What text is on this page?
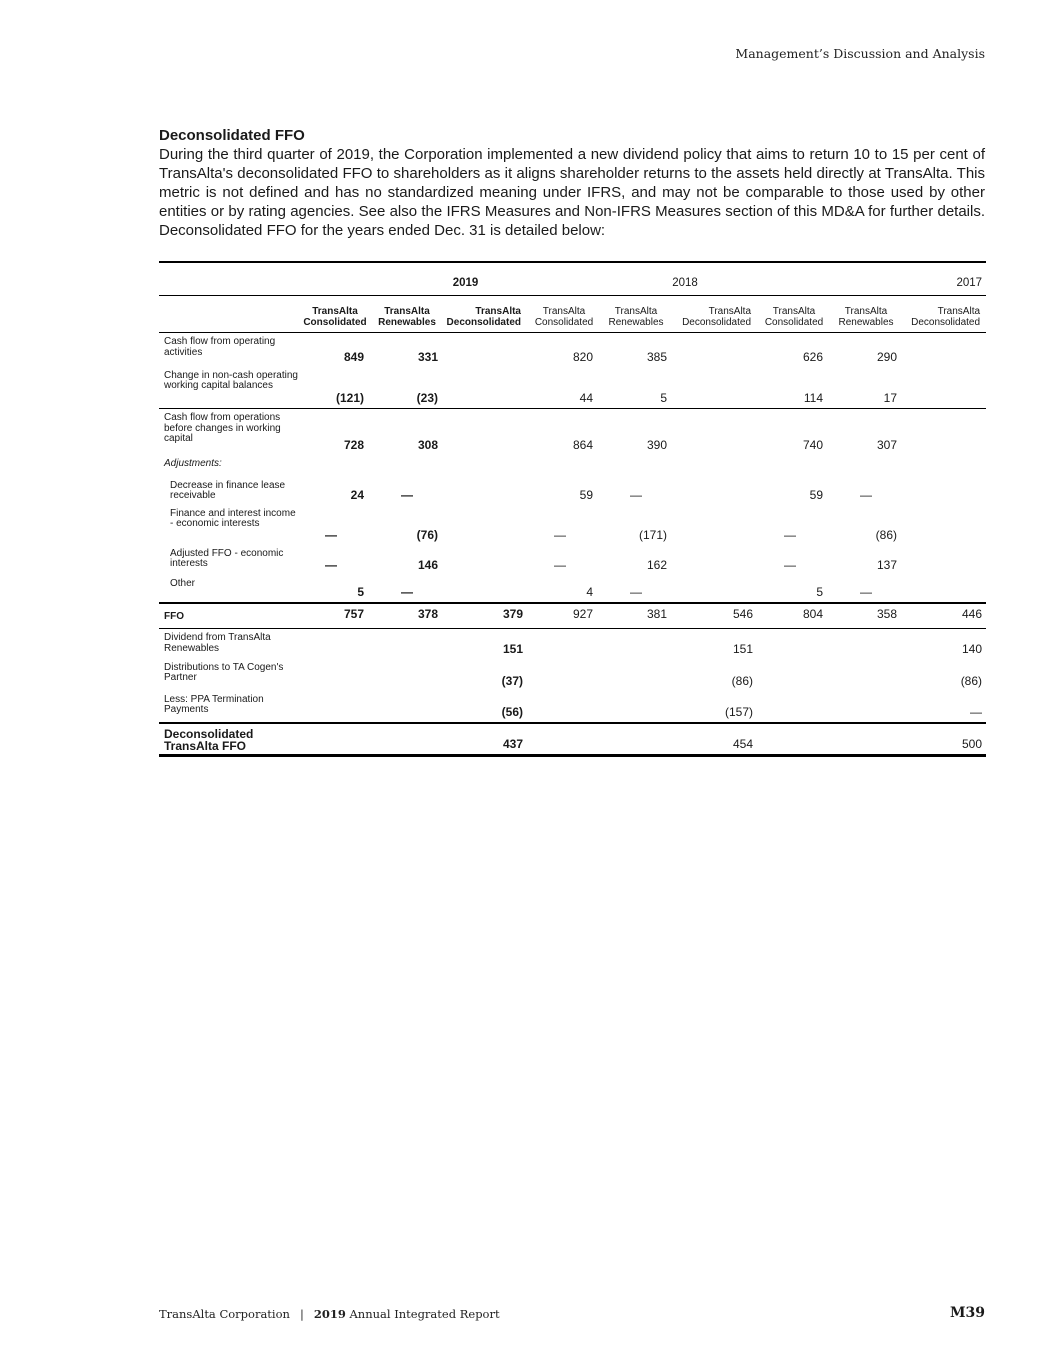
Management’s Discussion and Analysis

Deconsolidated FFO

During the third quarter of 2019, the Corporation implemented a new dividend policy that aims to return 10 to 15 per cent of TransAlta's deconsolidated FFO to shareholders as it aligns shareholder returns to the assets held directly at TransAlta. This metric is not defined and has no standardized meaning under IFRS, and may not be comparable to those used by other entities or by rating agencies. See also the IFRS Measures and Non-IFRS Measures section of this MD&A for further details. Deconsolidated FFO for the years ended Dec. 31 is detailed below:

	2019			2018			2017		
	TransAlta Consolidated	TransAlta Renewables	TransAlta Deconsolidated	TransAlta Consolidated	TransAlta Renewables	TransAlta Deconsolidated	TransAlta Consolidated	TransAlta Renewables	TransAlta Deconsolidated
Cash flow from operating activities	849	331		820	385		626	290	
Change in non-cash operating working capital balances	(121)	(23)		44	5		114	17	
Cash flow from operations before changes in working capital	728	308		864	390		740	307	
Adjustments:									
Decrease in finance lease receivable	24	—		59	—		59	—	
Finance and interest income - economic interests	—	(76)		—	(171)		—	(86)	
Adjusted FFO - economic interests	—	146		—	162		—	137	
Other	5	—		4	—		5	—	
FFO	757	378	379	927	381	546	804	358	446
Dividend from TransAlta Renewables			151			151			140
Distributions to TA Cogen's Partner			(37)			(86)			(86)
Less: PPA Termination Payments			(56)			(157)			—
Deconsolidated TransAlta FFO			437			454			500
TransAlta Corporation | 2019 Annual Integrated Report	M39
